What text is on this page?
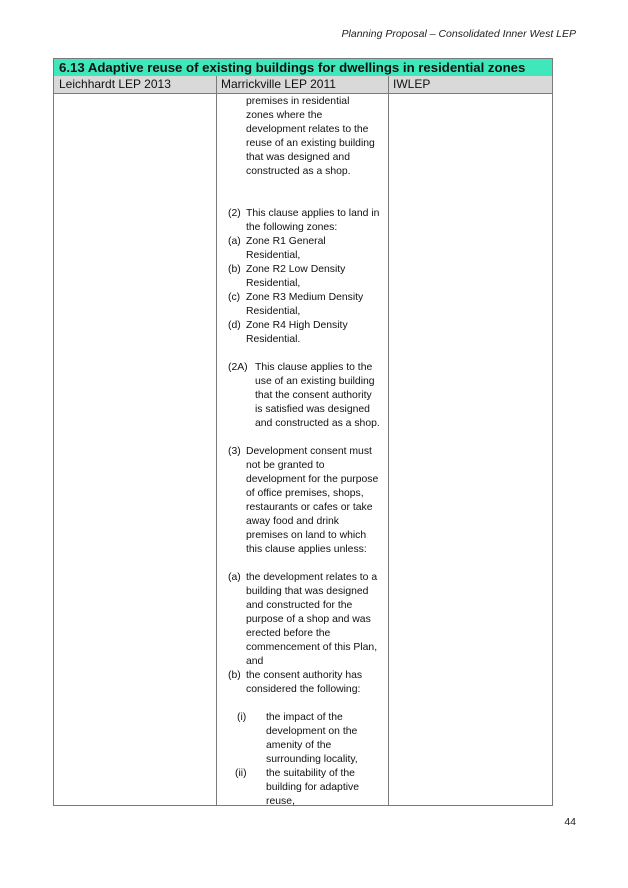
Planning Proposal – Consolidated Inner West LEP
6.13 Adaptive reuse of existing buildings for dwellings in residential zones
Leichhardt LEP 2013	Marrickville LEP 2011	IWLEP
premises in residential
zones where the
development relates to the
reuse of an existing building
that was designed and
constructed as a shop.
(2) This clause applies to land in
the following zones:
(a) Zone R1 General
Residential,
(b) Zone R2 Low Density
Residential,
(c) Zone R3 Medium Density
Residential,
(d) Zone R4 High Density
Residential.
(2A) This clause applies to the
use of an existing building
that the consent authority
is satisfied was designed
and constructed as a shop.
(3) Development consent must
not be granted to
development for the purpose
of office premises, shops,
restaurants or cafes or take
away food and drink
premises on land to which
this clause applies unless:
(a) the development relates to a
building that was designed
and constructed for the
purpose of a shop and was
erected before the
commencement of this Plan,
and
(b) the consent authority has
considered the following:
(i) the impact of the
development on the
amenity of the
surrounding locality,
(ii) the suitability of the
building for adaptive
reuse,
44
